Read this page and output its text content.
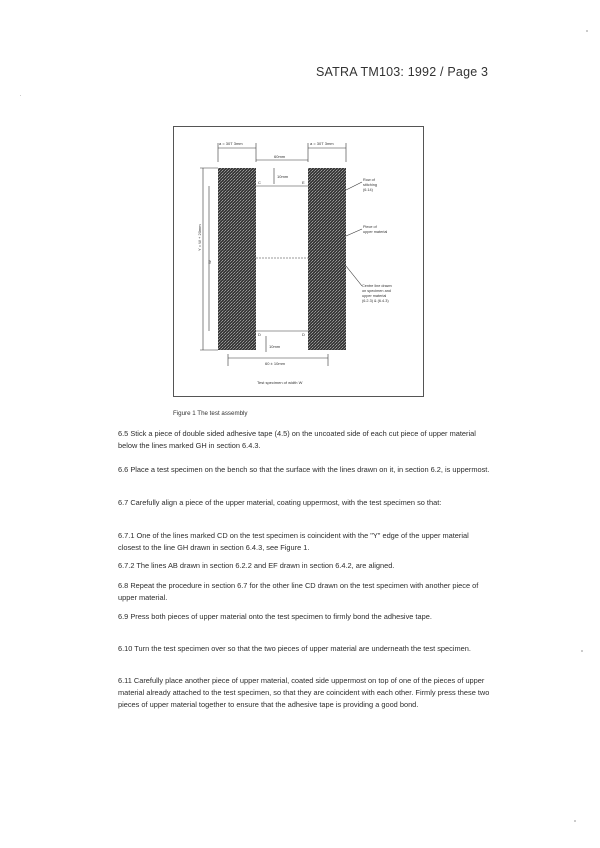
SATRA TM103: 1992 / Page 3
a = 30T 3mm	a = 30T 3mm
60mm
C	E
D	D
10mm
10mm
Y = W + 20mm
W
60 ± 10mm
Test specimen of width W
Row of stitching (6.14)
Piece of upper material
Centre line drawn on specimen and upper material (6.2.3) & (6.4.3)
Figure 1 The test assembly
6.5 Stick a piece of double sided adhesive tape (4.5) on the uncoated side of each cut piece of upper material below the lines marked GH in section 6.4.3.
6.6 Place a test specimen on the bench so that the surface with the lines drawn on it, in section 6.2, is uppermost.
6.7 Carefully align a piece of the upper material, coating uppermost, with the test specimen so that:
6.7.1 One of the lines marked CD on the test specimen is coincident with the "Y" edge of the upper material closest to the line GH drawn in section 6.4.3, see Figure 1.
6.7.2 The lines AB drawn in section 6.2.2 and EF drawn in section 6.4.2, are aligned.
6.8 Repeat the procedure in section 6.7 for the other line CD drawn on the test specimen with another piece of upper material.
6.9 Press both pieces of upper material onto the test specimen to firmly bond the adhesive tape.
6.10 Turn the test specimen over so that the two pieces of upper material are underneath the test specimen.
6.11 Carefully place another piece of upper material, coated side uppermost on top of one of the pieces of upper material already attached to the test specimen, so that they are coincident with each other. Firmly press these two pieces of upper material together to ensure that the adhesive tape is providing a good bond.
